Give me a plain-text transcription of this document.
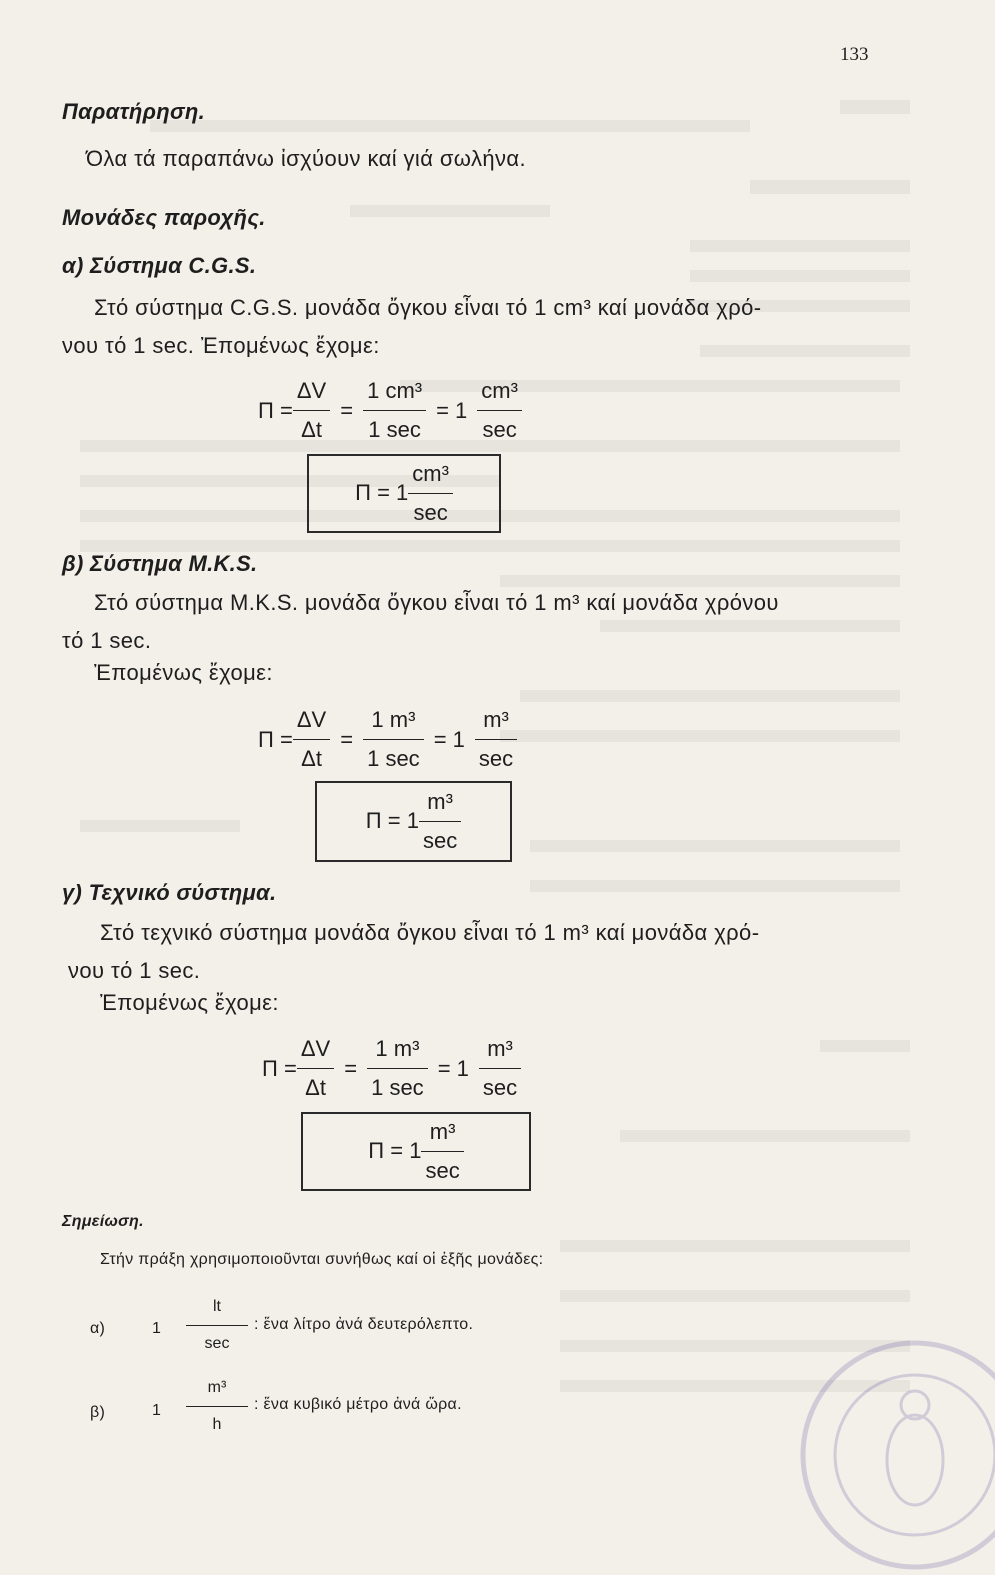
133
Παρατήρηση.
Όλα τά παραπάνω ἰσχύουν καί γιά σωλήνα.
Μονάδες παροχῆς.
α) Σύστημα C.G.S.
Στό σύστημα C.G.S. μονάδα ὄγκου εἶναι τό 1 cm³ καί μονάδα χρό-
νου τό 1 sec. Ἐπομένως ἔχομε:
$\Pi = \frac{\Delta V}{\Delta t} = \frac{\text{1 cm³}}{1 \sec} = 1 \frac{\text{cm³}}{\sec}$
$\Pi = 1 \frac{\text{cm³}}{\sec}$
β) Σύστημα M.K.S.
Στό σύστημα M.K.S. μονάδα ὄγκου εἶναι τό 1 m³ καί μονάδα χρόνου
τό 1 sec.
Ἐπομένως ἔχομε:
$\Pi = \frac{\Delta V}{\Delta t} = \frac{\text{1 m³}}{1 \sec} = 1 \frac{\text{m³}}{\sec}$
$\Pi = 1 \frac{\text{m³}}{\sec}$
γ) Τεχνικό σύστημα.
Στό τεχνικό σύστημα μονάδα ὄγκου εἶναι τό 1 m³ καί μονάδα χρό-
νου τό 1 sec.
Ἐπομένως ἔχομε:
$\Pi = \frac{\Delta V}{\Delta t} = \frac{\text{1 m³}}{1 \sec} = 1 \frac{\text{m³}}{\sec}$
$\Pi = 1 \frac{\text{m³}}{\sec}$
Σημείωση.
Στήν πράξη χρησιμοποιοῦνται συνήθως καί οἱ ἑξῆς μονάδες:
α)	1
lt
sec
: ἕνα λίτρο ἀνά δευτερόλεπτο.
β)	1
m³
h
: ἕνα κυβικό μέτρο ἀνά ὥρα.
